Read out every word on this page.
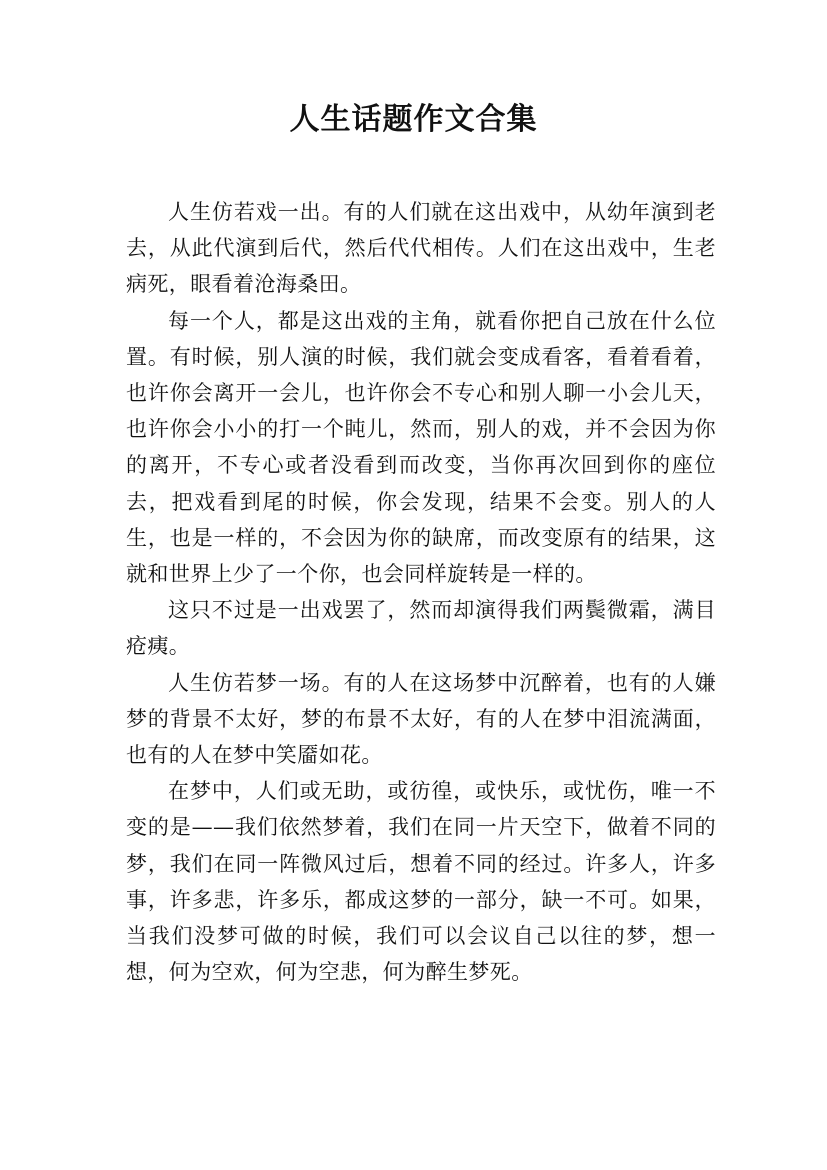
人生话题作文合集

人生仿若戏一出。有的人们就在这出戏中，从幼年演到老去，从此代演到后代，然后代代相传。人们在这出戏中，生老病死，眼看着沧海桑田。

每一个人，都是这出戏的主角，就看你把自己放在什么位置。有时候，别人演的时候，我们就会变成看客，看着看着，也许你会离开一会儿，也许你会不专心和别人聊一小会儿天，也许你会小小的打一个盹儿，然而，别人的戏，并不会因为你的离开，不专心或者没看到而改变，当你再次回到你的座位去，把戏看到尾的时候，你会发现，结果不会变。别人的人生，也是一样的，不会因为你的缺席，而改变原有的结果，这就和世界上少了一个你，也会同样旋转是一样的。

这只不过是一出戏罢了，然而却演得我们两鬓微霜，满目疮痍。

人生仿若梦一场。有的人在这场梦中沉醉着，也有的人嫌梦的背景不太好，梦的布景不太好，有的人在梦中泪流满面，也有的人在梦中笑靥如花。

在梦中，人们或无助，或彷徨，或快乐，或忧伤，唯一不变的是——我们依然梦着，我们在同一片天空下，做着不同的梦，我们在同一阵微风过后，想着不同的经过。许多人，许多事，许多悲，许多乐，都成这梦的一部分，缺一不可。如果，当我们没梦可做的时候，我们可以会议自己以往的梦，想一想，何为空欢，何为空悲，何为醉生梦死。
